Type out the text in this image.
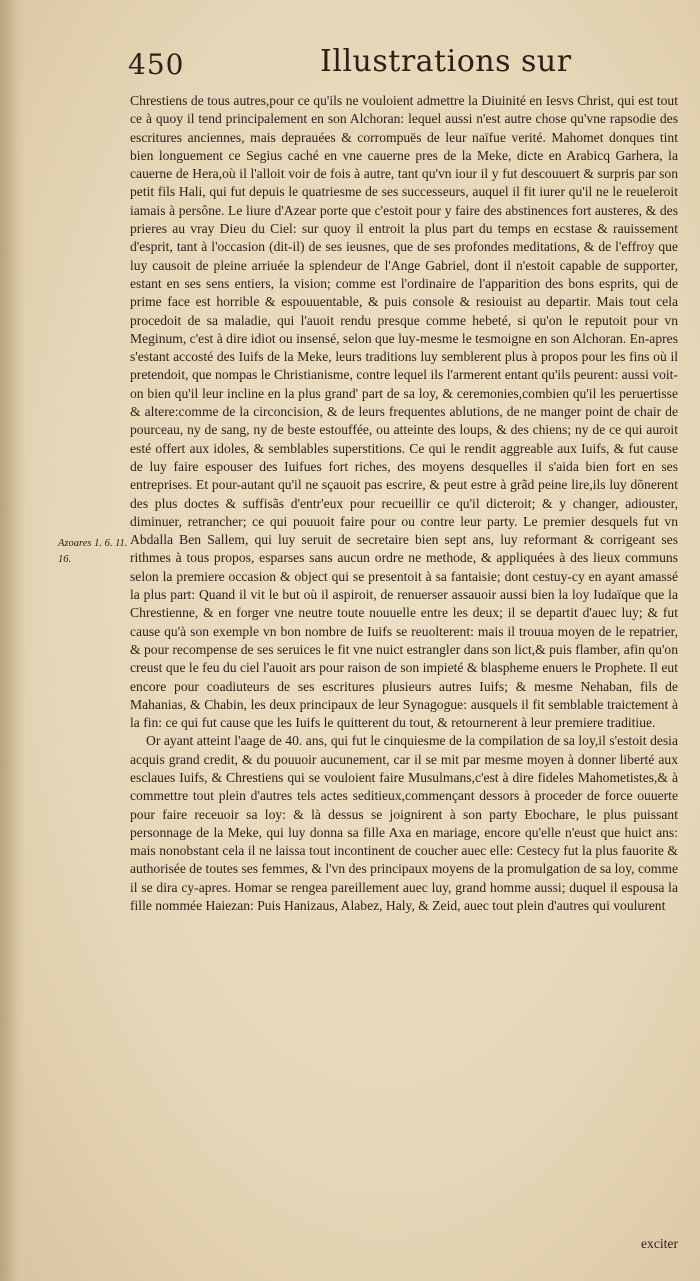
450	Illustrations sur
Azoares 1. 6. 11. 16.

Chrestiens de tous autres,pour ce qu'ils ne vouloient admettre la Diuinité en Iesvs Christ, qui est tout ce à quoy il tend principalement en son Alchoran: lequel aussi n'est autre chose qu'vne rapsodie des escritures anciennes, mais deprauées & corrompuës de leur naïfue verité. Mahomet donques tint bien longuement ce Segius caché en vne cauerne pres de la Meke, dicte en Arabicq Garhera, la cauerne de Hera,où il l'alloit voir de fois à autre, tant qu'vn iour il y fut descouuert & surpris par son petit fils Hali, qui fut depuis le quatriesme de ses successeurs, auquel il fit iurer qu'il ne le reueleroit iamais à persône. Le liure d'Azear porte que c'estoit pour y faire des abstinences fort austeres, & des prieres au vray Dieu du Ciel: sur quoy il entroit la plus part du temps en ecstase & rauissement d'esprit, tant à l'occasion (dit-il) de ses ieusnes, que de ses profondes meditations, & de l'effroy que luy causoit de pleine arriuée la splendeur de l'Ange Gabriel, dont il n'estoit capable de supporter, estant en ses sens entiers, la vision; comme est l'ordinaire de l'apparition des bons esprits, qui de prime face est horrible & espouuentable, & puis console & resiouist au departir. Mais tout cela procedoit de sa maladie, qui l'auoit rendu presque comme hebeté, si qu'on le reputoit pour vn Meginum, c'est à dire idiot ou insensé, selon que luy-mesme le tesmoigne en son Alchoran. En-apres s'estant accosté des Iuifs de la Meke, leurs traditions luy semblerent plus à propos pour les fins où il pretendoit, que nompas le Christianisme, contre lequel ils l'armerent entant qu'ils peurent: aussi voit-on bien qu'il leur incline en la plus grand' part de sa loy, & ceremonies,combien qu'il les peruertisse & altere:comme de la circoncision, & de leurs frequentes ablutions, de ne manger point de chair de pourceau, ny de sang, ny de beste estouffée, ou atteinte des loups, & des chiens; ny de ce qui auroit esté offert aux idoles, & semblables superstitions. Ce qui le rendit aggreable aux Iuifs, & fut cause de luy faire espouser des Iuifues fort riches, des moyens desquelles il s'aida bien fort en ses entreprises. Et pour-autant qu'il ne sçauoit pas escrire, & peut estre à grãd peine lire,ils luy dõnerent des plus doctes & suffisãs d'entr'eux pour recueillir ce qu'il dicteroit; & y changer, adiouster, diminuer, retrancher; ce qui pouuoit faire pour ou contre leur party. Le premier desquels fut vn Abdalla Ben Sallem, qui luy seruit de secretaire bien sept ans, luy reformant & corrigeant ses rithmes à tous propos, esparses sans aucun ordre ne methode, & appliquées à des lieux communs selon la premiere occasion & object qui se presentoit à sa fantaisie; dont cestuy-cy en ayant amassé la plus part: Quand il vit le but où il aspiroit, de renuerser assauoir aussi bien la loy Iudaïque que la Chrestienne, & en forger vne neutre toute nouuelle entre les deux; il se departit d'auec luy; & fut cause qu'à son exemple vn bon nombre de Iuifs se reuolterent: mais il trouua moyen de le repatrier, & pour recompense de ses seruices le fit vne nuict estrangler dans son lict,& puis flamber, afin qu'on creust que le feu du ciel l'auoit ars pour raison de son impieté & blaspheme enuers le Prophete. Il eut encore pour coadiuteurs de ses escritures plusieurs autres Iuifs; & mesme Nehaban, fils de Mahanias, & Chabin, les deux principaux de leur Synagogue: ausquels il fit semblable traictement à la fin: ce qui fut cause que les Iuifs le quitterent du tout, & retournerent à leur premiere traditiue.

Or ayant atteint l'aage de 40. ans, qui fut le cinquiesme de la compilation de sa loy,il s'estoit desia acquis grand credit, & du pouuoir aucunement, car il se mit par mesme moyen à donner liberté aux esclaues Iuifs, & Chrestiens qui se vouloient faire Musulmans,c'est à dire fideles Mahometistes,& à commettre tout plein d'autres tels actes seditieux,commençant dessors à proceder de force ouuerte pour faire receuoir sa loy: & là dessus se joignirent à son party Ebochare, le plus puissant personnage de la Meke, qui luy donna sa fille Axa en mariage, encore qu'elle n'eust que huict ans: mais nonobstant cela il ne laissa tout incontinent de coucher auec elle: Cestecy fut la plus fauorite & authorisée de toutes ses femmes, & l'vn des principaux moyens de la promulgation de sa loy, comme il se dira cy-apres. Homar se rengea pareillement auec luy, grand homme aussi; duquel il espousa la fille nommée Haiezan: Puis Hanizaus, Alabez, Haly, & Zeid, auec tout plein d'autres qui voulurent

exciter
